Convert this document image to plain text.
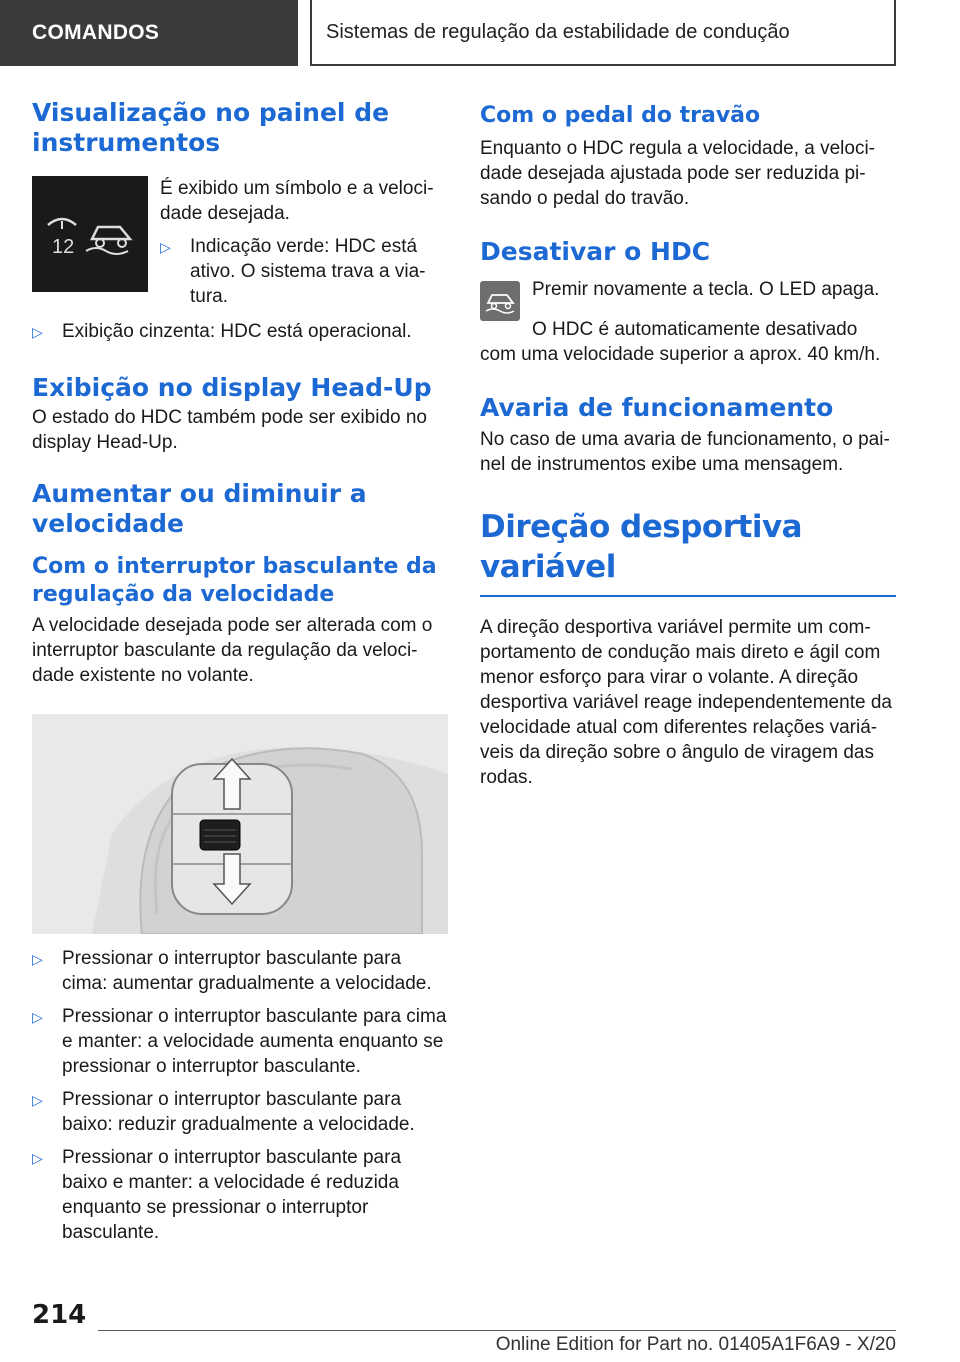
COMANDOS	Sistemas de regulação da estabilidade de condução
Visualização no painel de instrumentos
12

É exibido um símbolo e a veloci-dade desejada.

▷	Indicação verde: HDC está ativo. O sistema trava a via-tura.
▷	Exibição cinzenta: HDC está operacional.
Exibição no display Head-Up

O estado do HDC também pode ser exibido no display Head-Up.

Aumentar ou diminuir a velocidade
Com o interruptor basculante da regulação da velocidade

A velocidade desejada pode ser alterada com o interruptor basculante da regulação da veloci-dade existente no volante.

▷	Pressionar o interruptor basculante para cima: aumentar gradualmente a velocidade.
▷	Pressionar o interruptor basculante para cima e manter: a velocidade aumenta enquanto se pressionar o interruptor basculante.
▷	Pressionar o interruptor basculante para baixo: reduzir gradualmente a velocidade.
▷	Pressionar o interruptor basculante para baixo e manter: a velocidade é reduzida enquanto se pressionar o interruptor basculante.
Com o pedal do travão

Enquanto o HDC regula a velocidade, a veloci-dade desejada ajustada pode ser reduzida pi-sando o pedal do travão.

Desativar o HDC

Premir novamente a tecla. O LED apaga.

O HDC é automaticamente desativado com uma velocidade superior a aprox. 40 km/h.

Avaria de funcionamento

No caso de uma avaria de funcionamento, o pai-nel de instrumentos exibe uma mensagem.

Direção desportiva variável

A direção desportiva variável permite um com-portamento de condução mais direto e ágil com menor esforço para virar o volante. A direção desportiva variável reage independentemente da velocidade atual com diferentes relações variá-veis da direção sobre o ângulo de viragem das rodas.

214
Online Edition for Part no. 01405A1F6A9 - X/20
